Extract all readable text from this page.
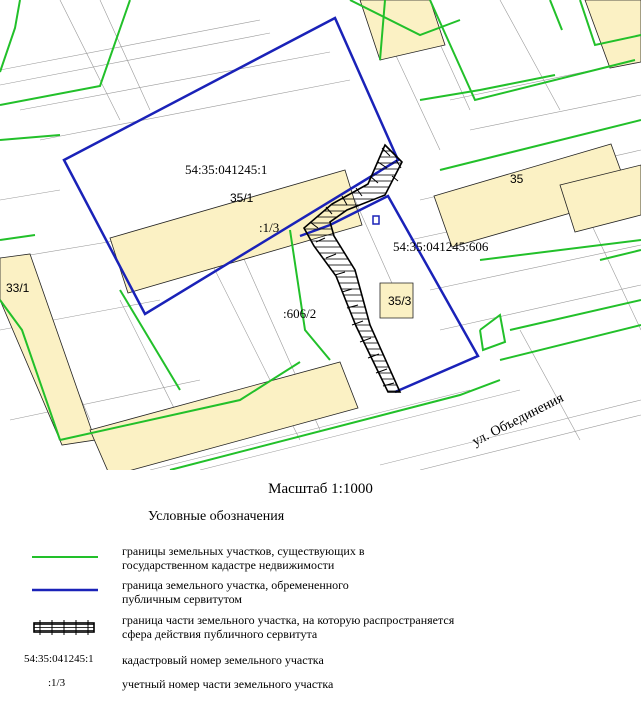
54:35:041245:1
35/1
:1/3
54:35:041245:606
35
35/3
33/1
:606/2
ул. Объединения
Масштаб 1:1000
Условные обозначения
границы земельных участков, существующих в
государственном кадастре недвижимости
граница земельного участка, обремененного
публичным сервитутом
граница части земельного участка, на которую распространяется
сфера действия публичного сервитута
54:35:041245:1 кадастровый номер земельного участка
:1/3	учетный номер части земельного участка
